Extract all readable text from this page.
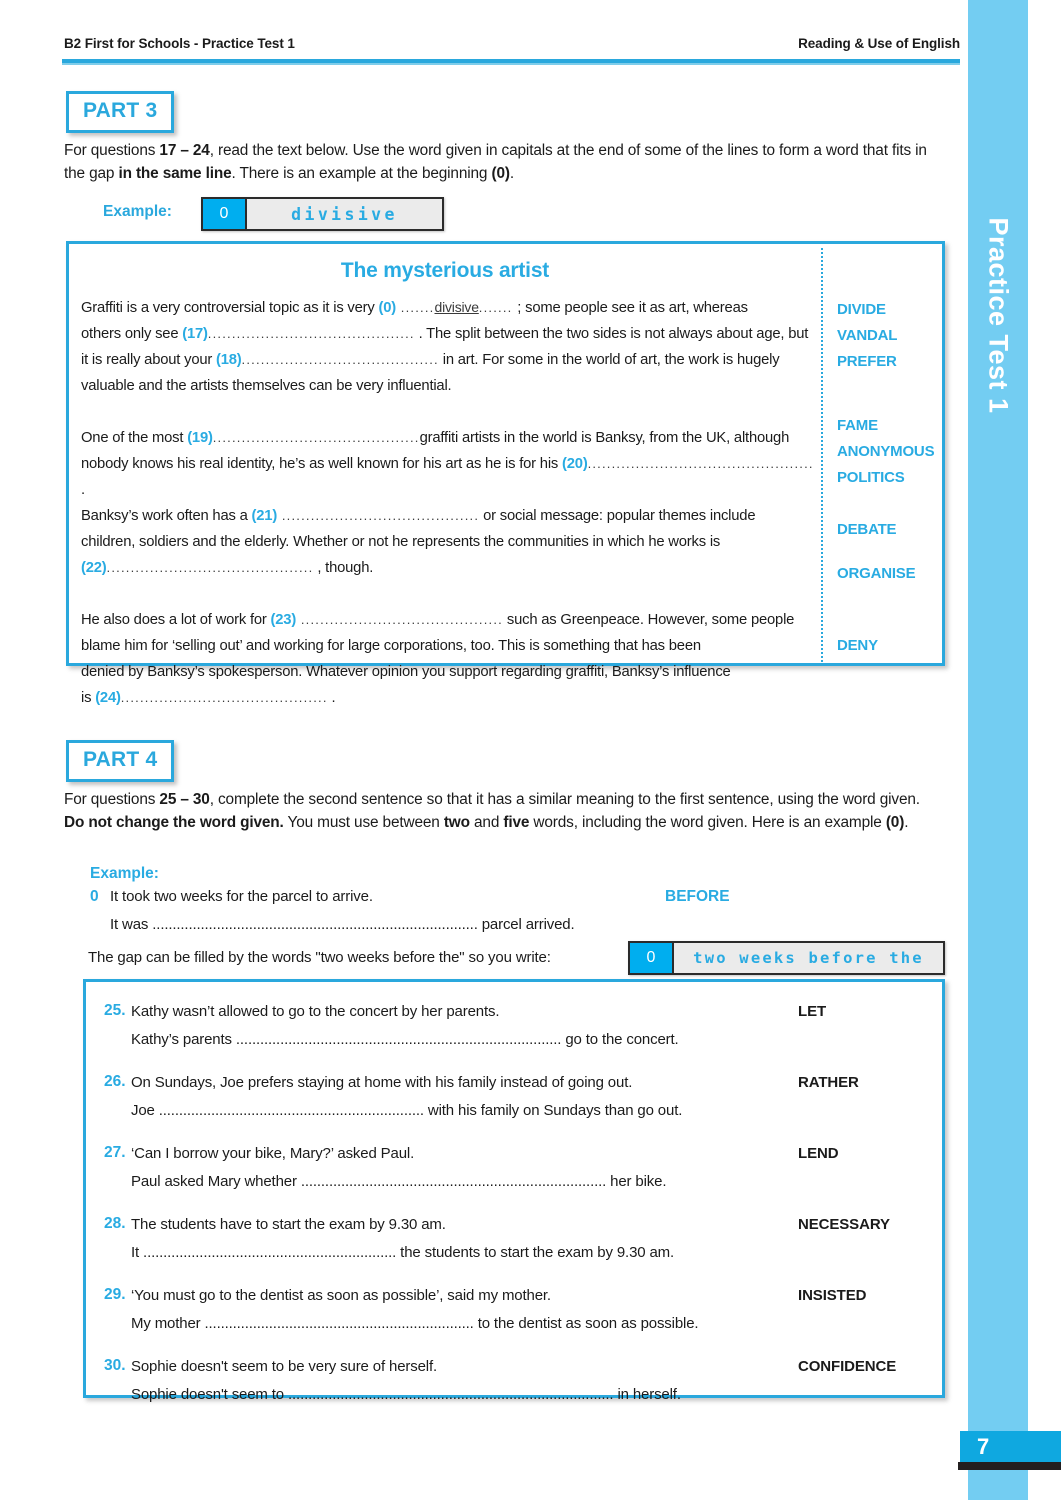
Practice Test 1
B2 First for Schools - Practice Test 1	Reading & Use of English
PART 3
For questions 17 – 24, read the text below. Use the word given in capitals at the end of some of the lines to form a word that fits in the gap in the same line. There is an example at the beginning (0).
Example:	0	divisive
The mysterious artist
Graffiti is a very controversial topic as it is very (0) .......divisive....... ; some people see it as art, whereas
others only see (17)........................................... . The split between the two sides is not always about age, but
it is really about your (18)......................................... in art. For some in the world of art, the work is hugely
valuable and the artists themselves can be very influential.
One of the most (19)...........................................graffiti artists in the world is Banksy, from the UK, although
nobody knows his real identity, he’s as well known for his art as he is for his (20)............................................... .
Banksy’s work often has a (21) ......................................... or social message: popular themes include
children, soldiers and the elderly. Whether or not he represents the communities in which he works is
(22)........................................... , though.
He also does a lot of work for (23) .......................................... such as Greenpeace. However, some people
blame him for ‘selling out’ and working for large corporations, too. This is something that has been
denied by Banksy’s spokesperson. Whatever opinion you support regarding graffiti, Banksy’s influence
is (24)........................................... .
DIVIDE
VANDAL
PREFER
FAME
ANONYMOUS
POLITICS
DEBATE
ORGANISE
DENY
PART 4
For questions 25 – 30, complete the second sentence so that it has a similar meaning to the first sentence, using the word given. Do not change the word given. You must use between two and five words, including the word given. Here is an example (0).
Example:
0 It took two weeks for the parcel to arrive.	BEFORE
It was ................................................................................. parcel arrived.
The gap can be filled by the words "two weeks before the" so you write:	0	two weeks before the
25. Kathy wasn’t allowed to go to the concert by her parents.	LET
Kathy’s parents ................................................................................. go to the concert.
26. On Sundays, Joe prefers staying at home with his family instead of going out.	RATHER
Joe .................................................................. with his family on Sundays than go out.
27. ‘Can I borrow your bike, Mary?’ asked Paul.	LEND
Paul asked Mary whether ............................................................................ her bike.
28. The students have to start the exam by 9.30 am.	NECESSARY
It ............................................................... the students to start the exam by 9.30 am.
29. ‘You must go to the dentist as soon as possible’, said my mother.	INSISTED
My mother ................................................................... to the dentist as soon as possible.
30. Sophie doesn't seem to be very sure of herself.	CONFIDENCE
Sophie doesn't seem to ................................................................................. in herself.
7
